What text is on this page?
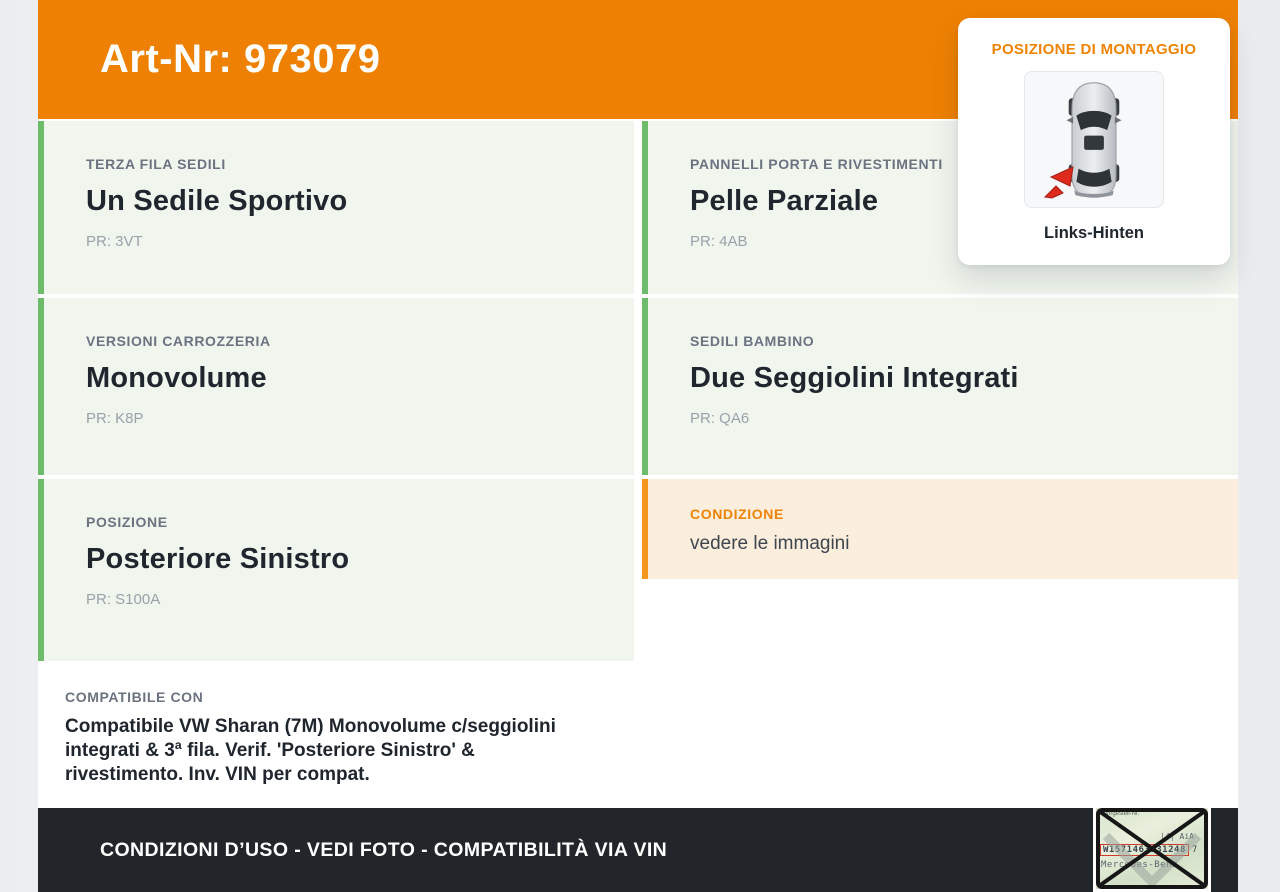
Art-Nr: 973079
TERZA FILA SEDILI
Un Sedile Sportivo
PR: 3VT
PANNELLI PORTA E RIVESTIMENTI
Pelle Parziale
PR: 4AB
VERSIONI CARROZZERIA
Monovolume
PR: K8P
SEDILI BAMBINO
Due Seggiolini Integrati
PR: QA6
POSIZIONE
Posteriore Sinistro
PR: S100A
CONDIZIONE
vedere le immagini
COMPATIBILE CON
Compatibile VW Sharan (7M) Monovolume c/seggiolini integrati & 3ª fila. Verif. 'Posteriore Sinistro' & rivestimento. Inv. VIN per compat.
CONDIZIONI D’USO - VEDI FOTO - COMPATIBILITÀ VIA VIN
POSIZIONE DI MONTAGGIO
Links-Hinten
Fahrgestell-Nr.
|4| AiA
W1571463J31248 7
Mercedes-Benz
